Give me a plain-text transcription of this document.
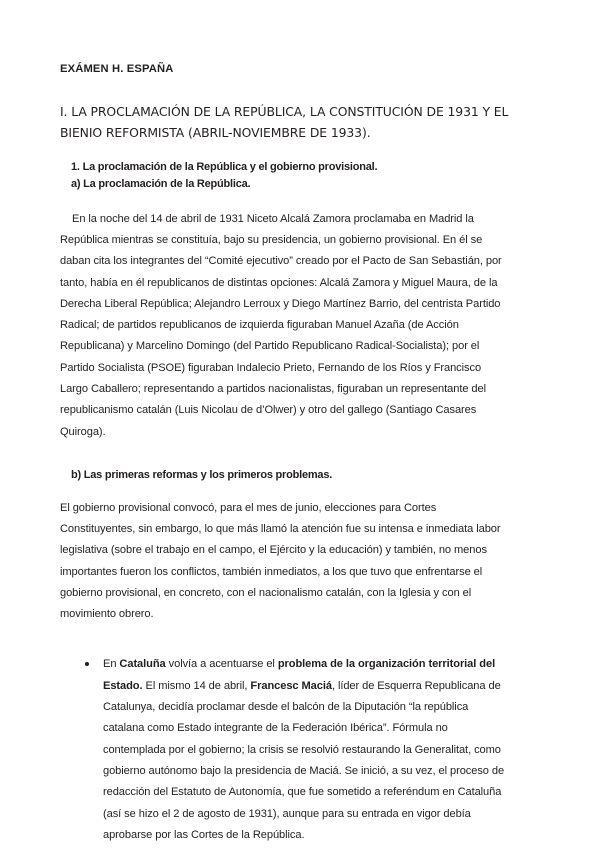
EXÁMEN H. ESPAÑA
I. LA PROCLAMACIÓN DE LA REPÚBLICA, LA CONSTITUCIÓN DE 1931 Y EL BIENIO REFORMISTA (ABRIL-NOVIEMBRE DE 1933).

1. La proclamación de la República y el gobierno provisional.

a) La proclamación de la República.

En la noche del 14 de abril de 1931 Niceto Alcalá Zamora proclamaba en Madrid la República mientras se constituía, bajo su presidencia, un gobierno provisional. En él se daban cita los integrantes del “Comité ejecutivo” creado por el Pacto de San Sebastián, por tanto, había en él republicanos de distintas opciones: Alcalá Zamora y Miguel Maura, de la Derecha Liberal República; Alejandro Lerroux y Diego Martínez Barrio, del centrista Partido Radical; de partidos republicanos de izquierda figuraban Manuel Azaña (de Acción Republicana) y Marcelino Domingo (del Partido Republicano Radical-Socialista); por el Partido Socialista (PSOE) figuraban Indalecio Prieto, Fernando de los Ríos y Francisco Largo Caballero; representando a partidos nacionalistas, figuraban un representante del republicanismo catalán (Luis Nicolau de d’Olwer) y otro del gallego (Santiago Casares Quiroga).

b) Las primeras reformas y los primeros problemas.

El gobierno provisional convocó, para el mes de junio, elecciones para Cortes Constituyentes, sin embargo, lo que más llamó la atención fue su intensa e inmediata labor legislativa (sobre el trabajo en el campo, el Ejército y la educación) y también, no menos importantes fueron los conflictos, también inmediatos, a los que tuvo que enfrentarse el gobierno provisional, en concreto, con el nacionalismo catalán, con la Iglesia y con el movimiento obrero.

En Cataluña volvía a acentuarse el problema de la organización territorial del Estado. El mismo 14 de abril, Francesc Maciá, líder de Esquerra Republicana de Catalunya, decidía proclamar desde el balcón de la Diputación “la república catalana como Estado integrante de la Federación Ibérica”. Fórmula no contemplada por el gobierno; la crisis se resolvió restaurando la Generalitat, como gobierno autónomo bajo la presidencia de Maciá. Se inició, a su vez, el proceso de redacción del Estatuto de Autonomía, que fue sometido a referéndum en Cataluña (así se hizo el 2 de agosto de 1931), aunque para su entrada en vigor debía aprobarse por las Cortes de la República.
